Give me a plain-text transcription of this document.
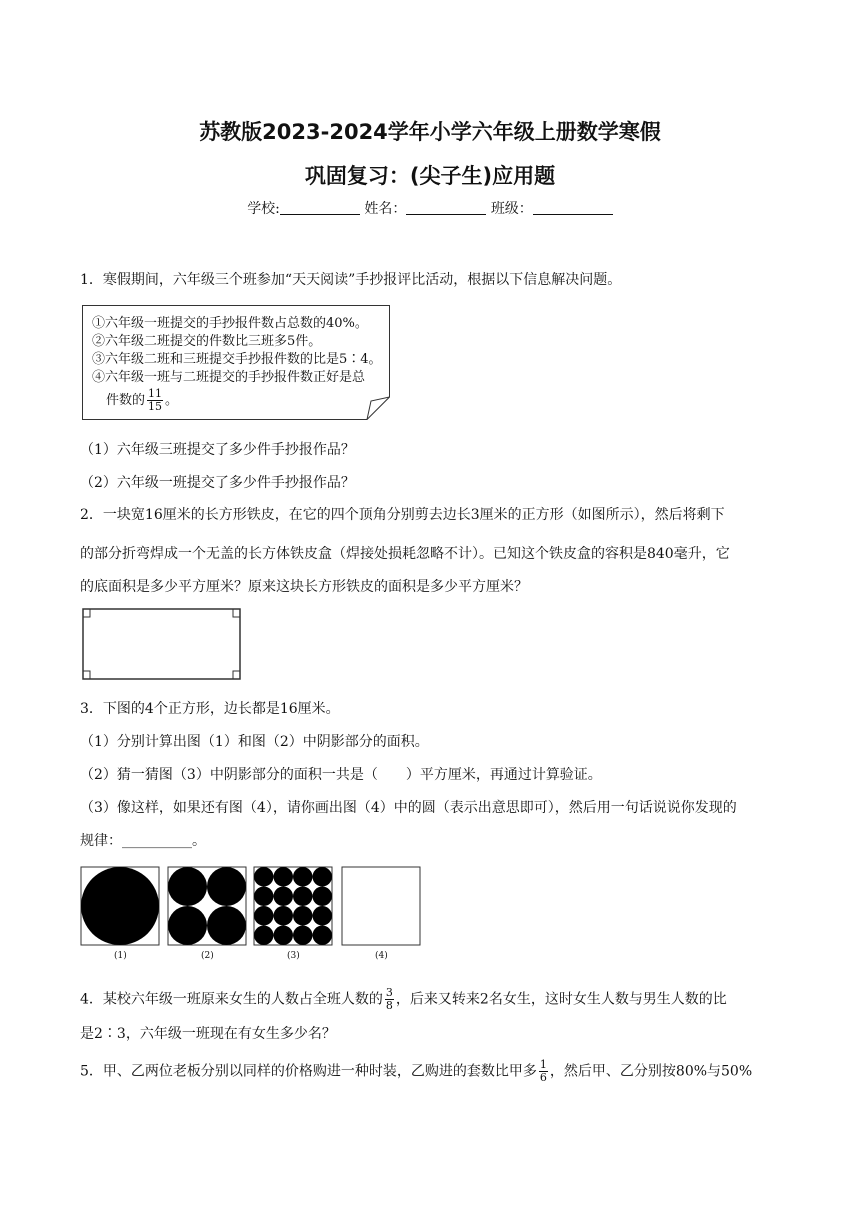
苏教版2023-2024学年小学六年级上册数学寒假
巩固复习：(尖子生)应用题
学校:	姓名：	班级：
1．寒假期间，六年级三个班参加“天天阅读”手抄报评比活动，根据以下信息解决问题。
①六年级一班提交的手抄报件数占总数的40%。
②六年级二班提交的件数比三班多5件。
③六年级二班和三班提交手抄报件数的比是5∶4。
④六年级一班与二班提交的手抄报件数正好是总
件数的 $\frac{11}{15}$ 。
（1）六年级三班提交了多少件手抄报作品？
（2）六年级一班提交了多少件手抄报作品？
2．一块宽16厘米的长方形铁皮，在它的四个顶角分别剪去边长3厘米的正方形（如图所示），然后将剩下
的部分折弯焊成一个无盖的长方体铁皮盒（焊接处损耗忽略不计）。已知这个铁皮盒的容积是840毫升，它
的底面积是多少平方厘米？原来这块长方形铁皮的面积是多少平方厘米？
3．下图的4个正方形，边长都是16厘米。
（1）分别计算出图（1）和图（2）中阴影部分的面积。
（2）猜一猜图（3）中阴影部分的面积一共是（　　）平方厘米，再通过计算验证。
（3）像这样，如果还有图（4），请你画出图（4）中的圆（表示出意思即可），然后用一句话说说你发现的
规律：__________。
(1)	(2)	(3)	(4)
4．某校六年级一班原来女生的人数占全班人数的 $\frac{3}{8}$ ，后来又转来2名女生，这时女生人数与男生人数的比
是2∶3，六年级一班现在有女生多少名？
5．甲、乙两位老板分别以同样的价格购进一种时装，乙购进的套数比甲多 $\frac{1}{6}$ ，然后甲、乙分别按80%与50%
